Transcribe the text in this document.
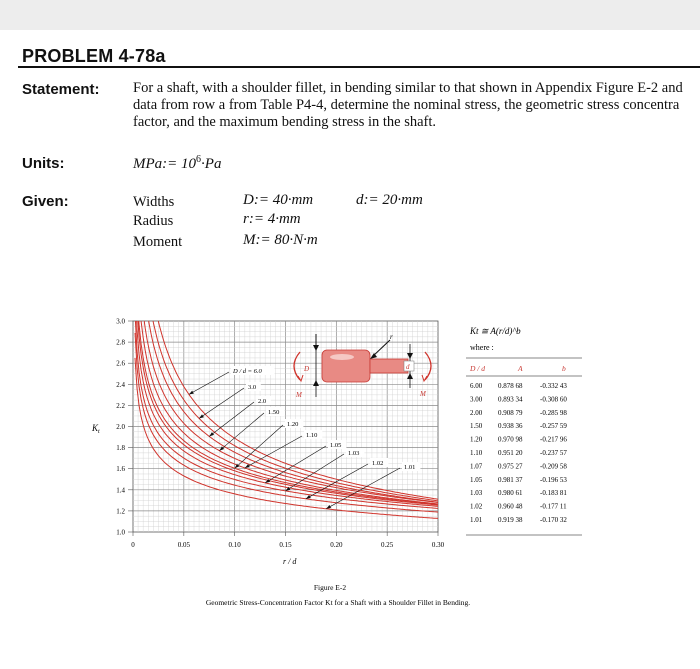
PROBLEM 4-78a
Statement: For a shaft, with a shoulder fillet, in bending similar to that shown in Appendix Figure E-2 and
data from row a from Table P4-4, determine the nominal stress, the geometric stress concentra
factor, and the maximum bending stress in the shaft.
Units:	MPa:= $10^6\cdot Pa$
Given:	Widths	D:= 40·mm	d:= 20·mm
Radius	r:= 4·mm
Moment	M:= 80·N·m
1.0
1.2
1.4
1.6
1.8
2.0
2.2
2.4
2.6
2.8
3.0
0	0.05	0.10	0.15	0.20	0.25	0.30
D / d = 6.0
3.0
2.0
1.50
1.20
1.10
1.05
1.03
1.02
1.01
$K_t$
r / d
D	d
r
M	M
Kt ≅ A(r/d)^b
where :
D / d	A	b
6.00 0.878 68	-0.332 43
3.00 0.893 34	-0.308 60
2.00 0.908 79	-0.285 98
1.50 0.938 36	-0.257 59
1.20 0.970 98	-0.217 96
1.10 0.951 20	-0.237 57
1.07 0.975 27	-0.209 58
1.05 0.981 37	-0.196 53
1.03 0.980 61	-0.183 81
1.02 0.960 48	-0.177 11
1.01 0.919 38	-0.170 32
Figure E-2
Geometric Stress-Concentration Factor Kt for a Shaft with a Shoulder Fillet in Bending.
